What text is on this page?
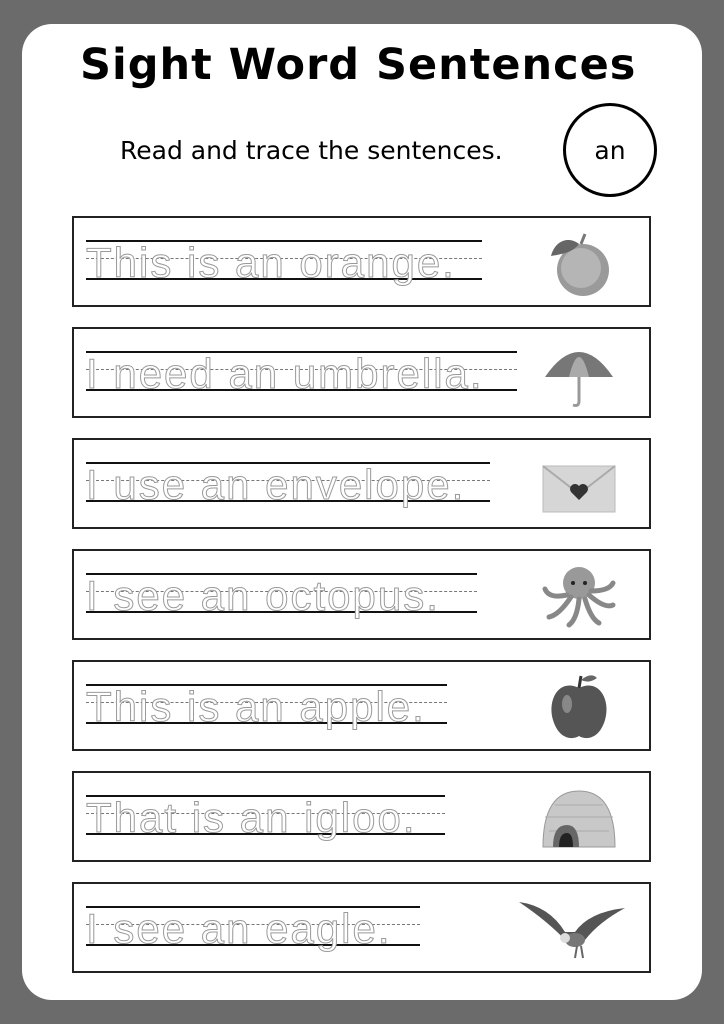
Sight Word Sentences
Read and trace the sentences.	an
This is an orange.
I need an umbrella.
I use an envelope.
I see an octopus.
This is an apple.
That is an igloo.
I see an eagle.
